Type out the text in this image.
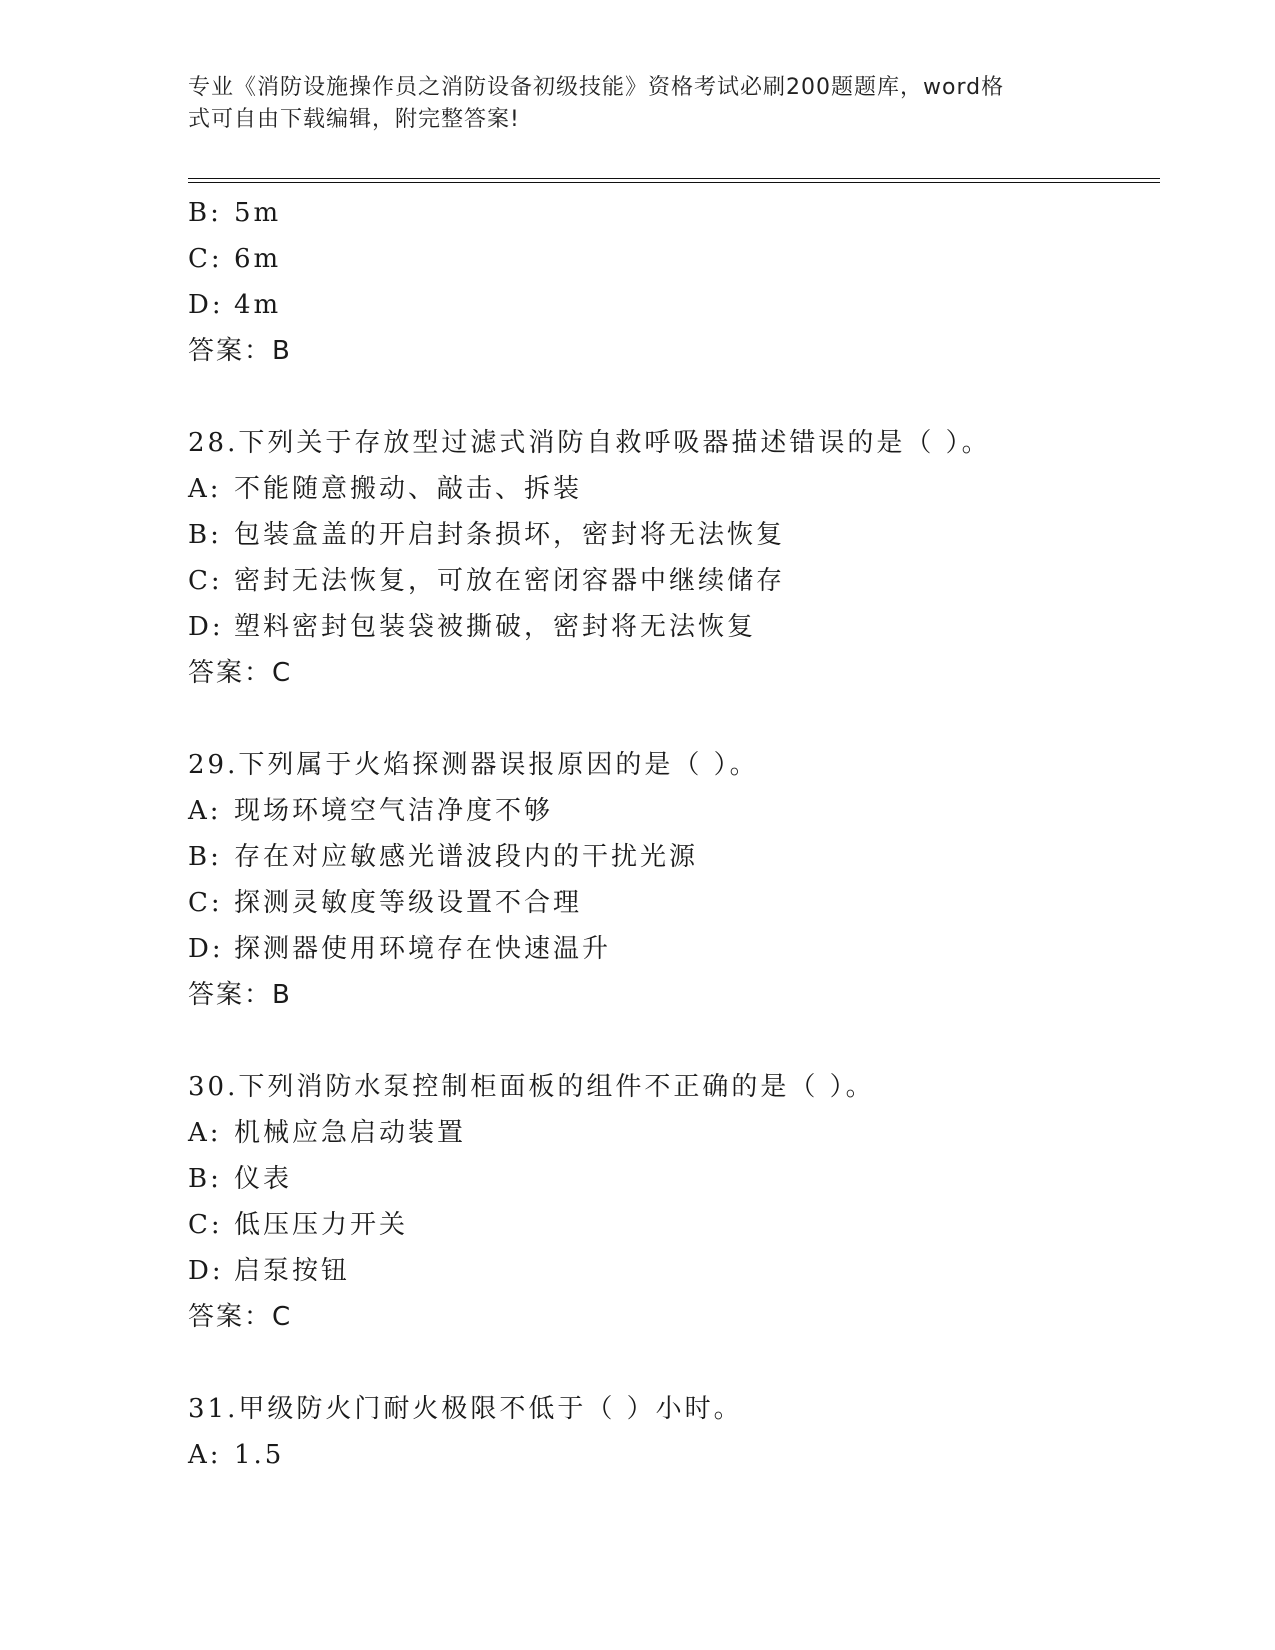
专业《消防设施操作员之消防设备初级技能》资格考试必刷200题题库，word格
式可自由下载编辑，附完整答案!
B: 5m
C: 6m
D: 4m
答案：B
28.下列关于存放型过滤式消防自救呼吸器描述错误的是（ ）。
A: 不能随意搬动、敲击、拆装
B: 包装盒盖的开启封条损坏，密封将无法恢复
C: 密封无法恢复，可放在密闭容器中继续储存
D: 塑料密封包装袋被撕破，密封将无法恢复
答案：C
29.下列属于火焰探测器误报原因的是（ ）。
A: 现场环境空气洁净度不够
B: 存在对应敏感光谱波段内的干扰光源
C: 探测灵敏度等级设置不合理
D: 探测器使用环境存在快速温升
答案：B
30.下列消防水泵控制柜面板的组件不正确的是（ ）。
A: 机械应急启动装置
B: 仪表
C: 低压压力开关
D: 启泵按钮
答案：C
31.甲级防火门耐火极限不低于（ ）小时。
A: 1.5
